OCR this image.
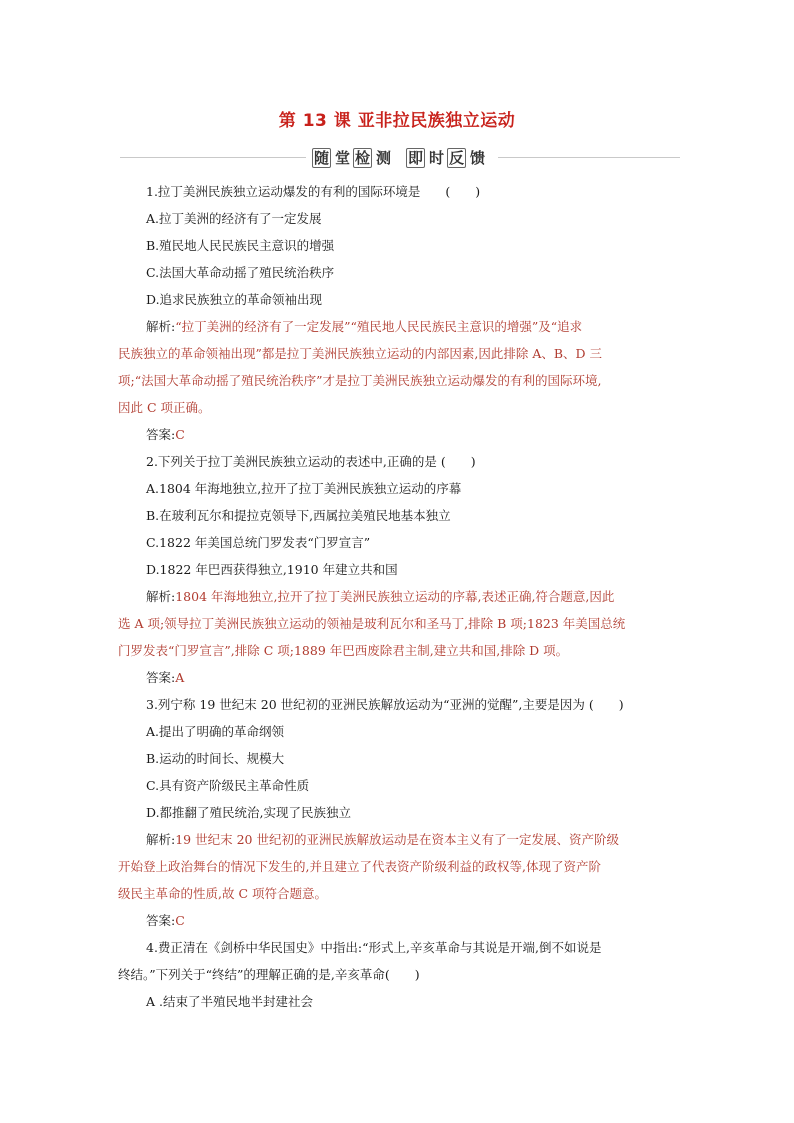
第 13 课 亚非拉民族独立运动
随 堂 检 测 即 时 反 馈
1.拉丁美洲民族独立运动爆发的有利的国际环境是　　(　　)
A.拉丁美洲的经济有了一定发展
B.殖民地人民民族民主意识的增强
C.法国大革命动摇了殖民统治秩序
D.追求民族独立的革命领袖出现
解析:“拉丁美洲的经济有了一定发展”“殖民地人民民族民主意识的增强”及“追求
民族独立的革命领袖出现”都是拉丁美洲民族独立运动的内部因素,因此排除 A、B、D 三
项;“法国大革命动摇了殖民统治秩序”才是拉丁美洲民族独立运动爆发的有利的国际环境,
因此 C 项正确。
答案:C
2.下列关于拉丁美洲民族独立运动的表述中,正确的是 (　　)
A.1804 年海地独立,拉开了拉丁美洲民族独立运动的序幕
B.在玻利瓦尔和提拉克领导下,西属拉美殖民地基本独立
C.1822 年美国总统门罗发表“门罗宣言”
D.1822 年巴西获得独立,1910 年建立共和国
解析:1804 年海地独立,拉开了拉丁美洲民族独立运动的序幕,表述正确,符合题意,因此
选 A 项;领导拉丁美洲民族独立运动的领袖是玻利瓦尔和圣马丁,排除 B 项;1823 年美国总统
门罗发表“门罗宣言”,排除 C 项;1889 年巴西废除君主制,建立共和国,排除 D 项。
答案:A
3.列宁称 19 世纪末 20 世纪初的亚洲民族解放运动为“亚洲的觉醒”,主要是因为 (　　)
A.提出了明确的革命纲领
B.运动的时间长、规模大
C.具有资产阶级民主革命性质
D.都推翻了殖民统治,实现了民族独立
解析:19 世纪末 20 世纪初的亚洲民族解放运动是在资本主义有了一定发展、资产阶级
开始登上政治舞台的情况下发生的,并且建立了代表资产阶级利益的政权等,体现了资产阶
级民主革命的性质,故 C 项符合题意。
答案:C
4.费正清在《剑桥中华民国史》中指出:“形式上,辛亥革命与其说是开端,倒不如说是
终结。”下列关于“终结”的理解正确的是,辛亥革命(　　)
A .结束了半殖民地半封建社会
